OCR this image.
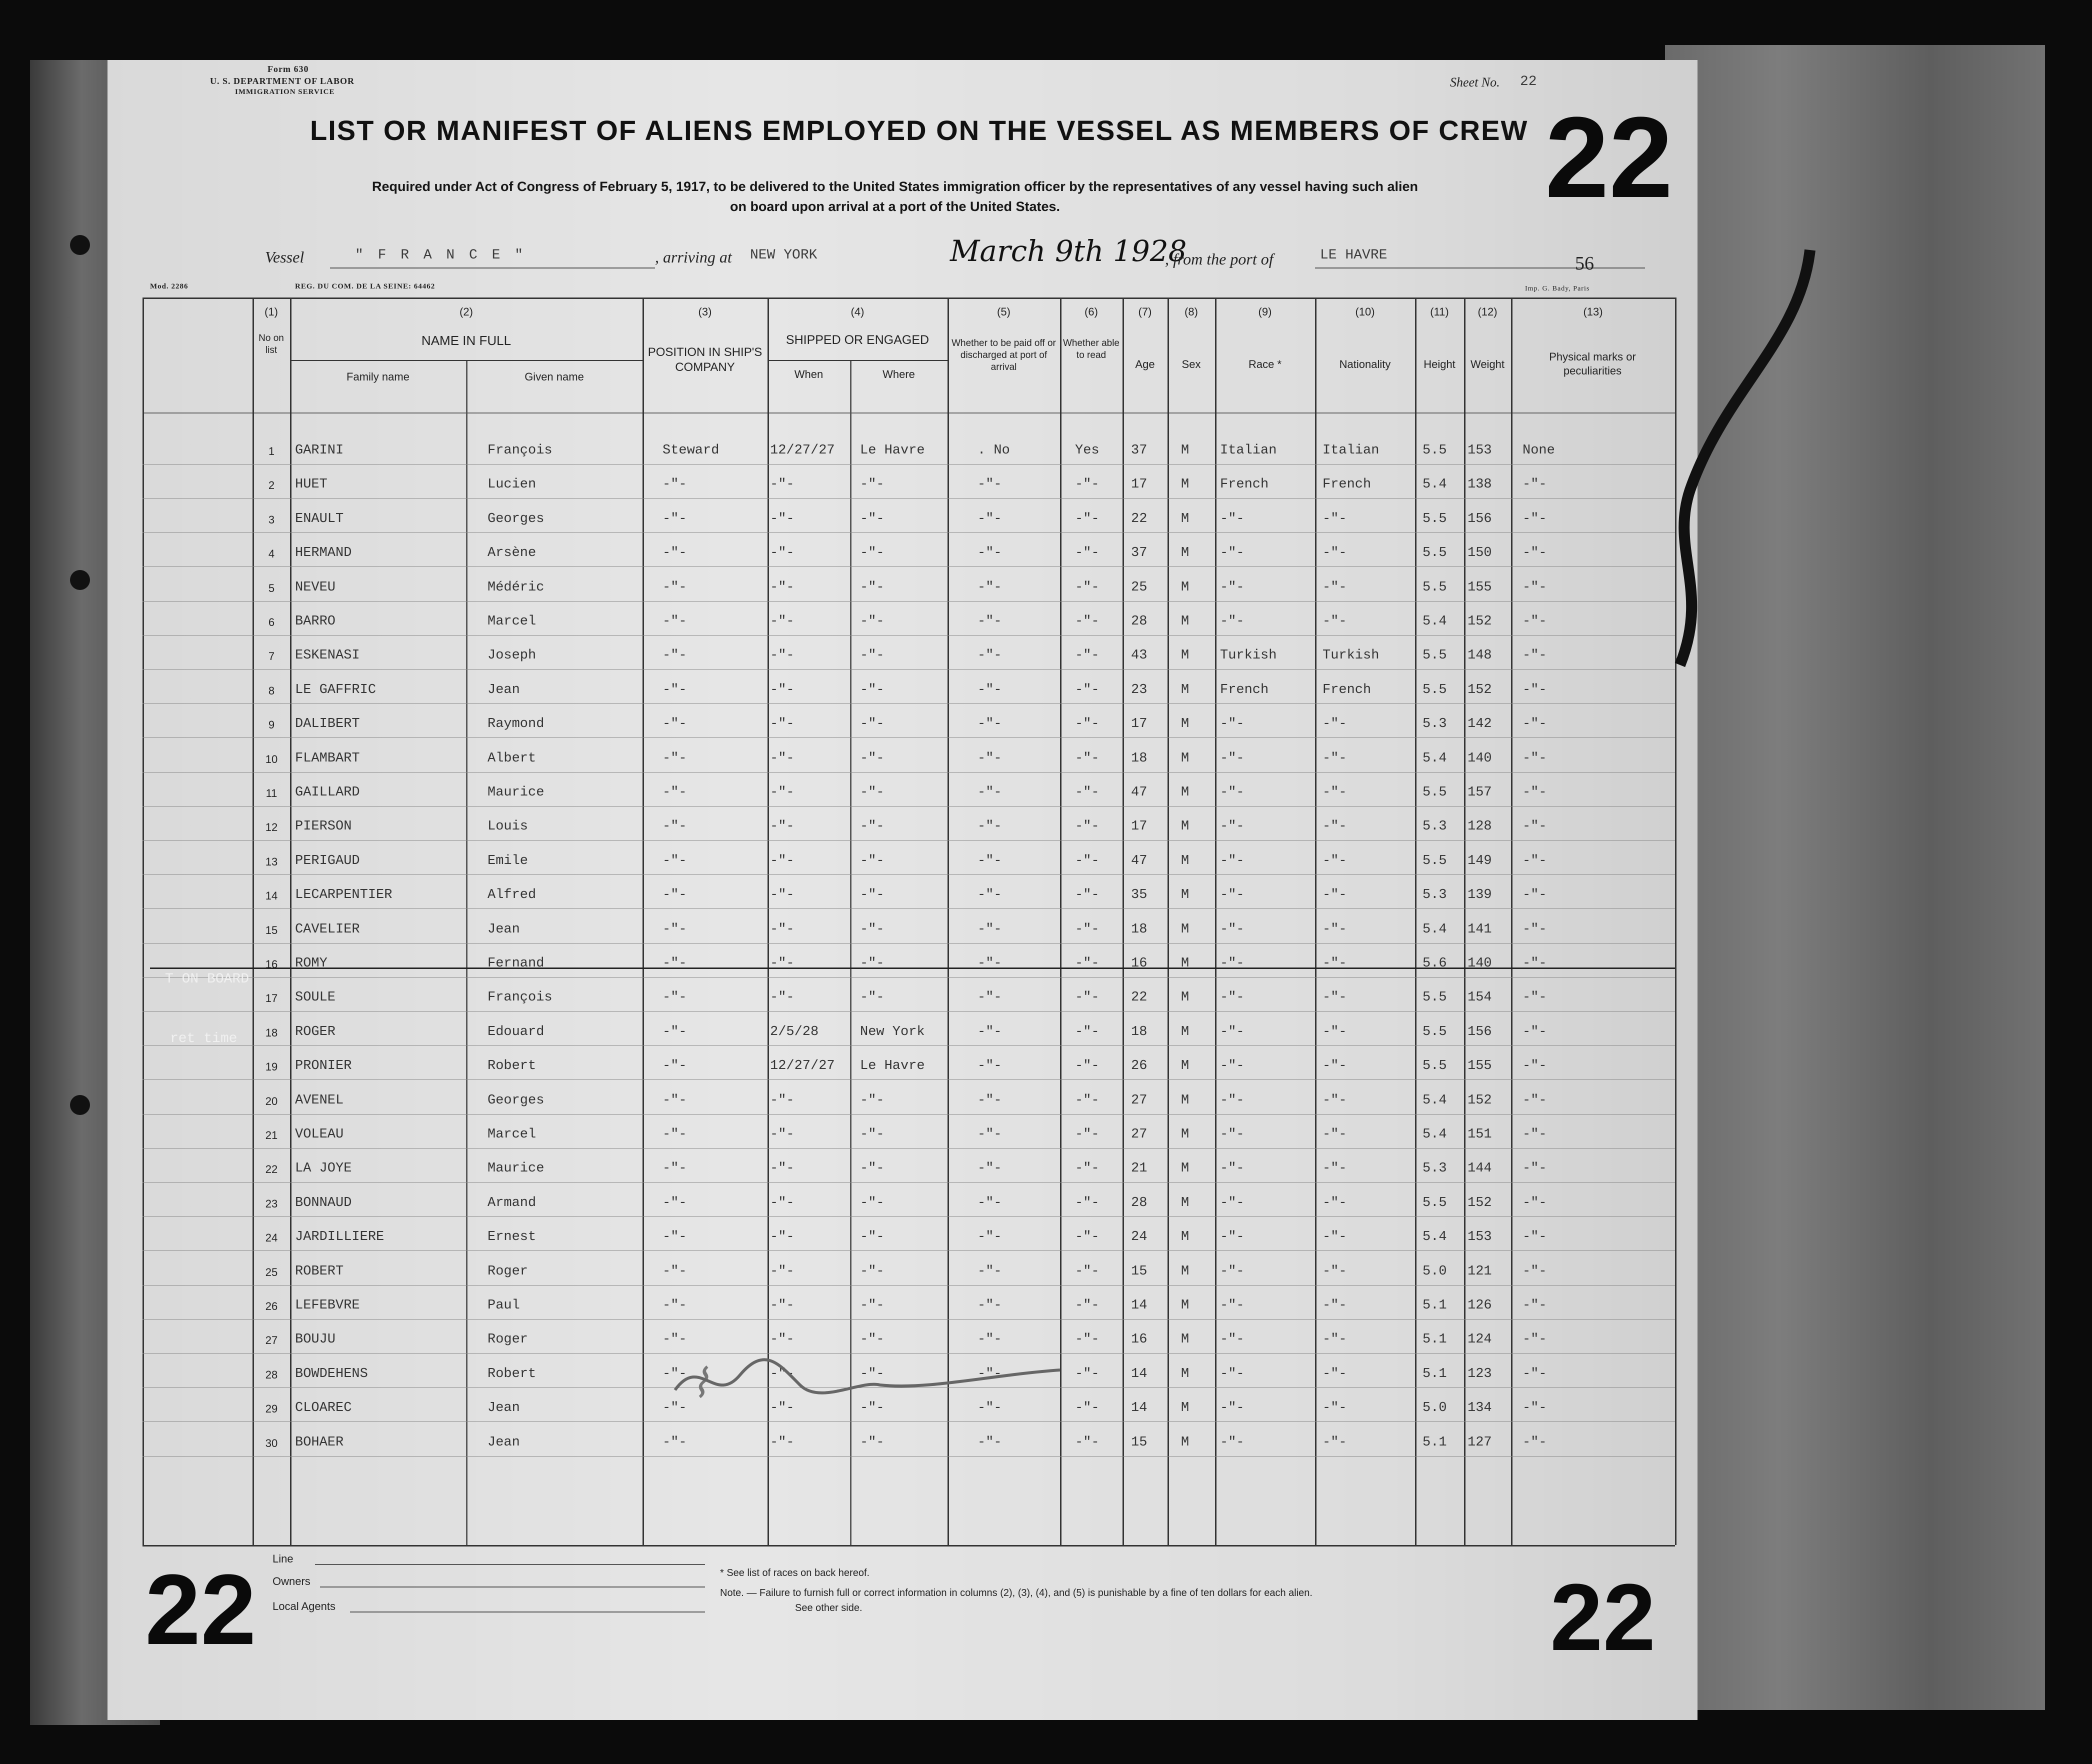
Form 630
U. S. DEPARTMENT OF LABOR
IMMIGRATION SERVICE
Sheet No. 22
22
LIST OR MANIFEST OF ALIENS EMPLOYED ON THE VESSEL AS MEMBERS OF CREW
Required under Act of Congress of February 5, 1917, to be delivered to the United States immigration officer by the representatives of any vessel having such alien
on board upon arrival at a port of the United States.
Vessel	" F R A N C E "	, arriving at NEW YORK	March 9th 1928
, from the port of	LE HAVRE	56
Mod. 2286	REG. DU COM. DE LA SEINE: 64462	Imp. G. Bady, Paris
(1)
No on list
(2)
NAME IN FULL
Family name	Given name
(3)
POSITION IN SHIP'S COMPANY
(4)
SHIPPED OR ENGAGED
When	Where
(5)
Whether to be paid off or discharged at port of arrival
(6)
Whether able to read
(7)
Age
(8)
Sex
(9)
Race *
(10)
Nationality
(11)
Height
(12)
Weight
(13)
Physical marks or peculiarities
1	GARINI	François	Steward	12/27/27 Le Havre	. No	Yes 37	M Italian	Italian	5.5 153 None
2	HUET	Lucien	-"-	-"-	-"-	-"-	-"- 17	M French	French	5.4 138 -"-
3	ENAULT	Georges	-"-	-"-	-"-	-"-	-"- 22	M -"-	-"-	5.5 156 -"-
4	HERMAND	Arsène	-"-	-"-	-"-	-"-	-"- 37	M -"-	-"-	5.5 150 -"-
5	NEVEU	Médéric	-"-	-"-	-"-	-"-	-"- 25	M -"-	-"-	5.5 155 -"-
6	BARRO	Marcel	-"-	-"-	-"-	-"-	-"- 28	M -"-	-"-	5.4 152 -"-
7	ESKENASI	Joseph	-"-	-"-	-"-	-"-	-"- 43	M Turkish	Turkish	5.5 148 -"-
8	LE GAFFRIC	Jean	-"-	-"-	-"-	-"-	-"- 23	M French	French	5.5 152 -"-
9	DALIBERT	Raymond	-"-	-"-	-"-	-"-	-"- 17	M -"-	-"-	5.3 142 -"-
10	FLAMBART	Albert	-"-	-"-	-"-	-"-	-"- 18	M -"-	-"-	5.4 140 -"-
11	GAILLARD	Maurice	-"-	-"-	-"-	-"-	-"- 47	M -"-	-"-	5.5 157 -"-
12	PIERSON	Louis	-"-	-"-	-"-	-"-	-"- 17	M -"-	-"-	5.3 128 -"-
13	PERIGAUD	Emile	-"-	-"-	-"-	-"-	-"- 47	M -"-	-"-	5.5 149 -"-
14	LECARPENTIER	Alfred	-"-	-"-	-"-	-"-	-"- 35	M -"-	-"-	5.3 139 -"-
15	CAVELIER	Jean	-"-	-"-	-"-	-"-	-"- 18	M -"-	-"-	5.4 141 -"-
16	ROMY	Fernand	-"-	-"-	-"-	-"-	-"- 16	M -"-	-"-	5.6 140 -"-
17	SOULE	François	-"-	-"-	-"-	-"-	-"- 22	M -"-	-"-	5.5 154 -"-
18	ROGER	Edouard	-"-	2/5/28	New York	-"-	-"- 18	M -"-	-"-	5.5 156 -"-
19	PRONIER	Robert	-"-	12/27/27 Le Havre	-"-	-"- 26	M -"-	-"-	5.5 155 -"-
20	AVENEL	Georges	-"-	-"-	-"-	-"-	-"- 27	M -"-	-"-	5.4 152 -"-
21	VOLEAU	Marcel	-"-	-"-	-"-	-"-	-"- 27	M -"-	-"-	5.4 151 -"-
22	LA JOYE	Maurice	-"-	-"-	-"-	-"-	-"- 21	M -"-	-"-	5.3 144 -"-
23	BONNAUD	Armand	-"-	-"-	-"-	-"-	-"- 28	M -"-	-"-	5.5 152 -"-
24	JARDILLIERE	Ernest	-"-	-"-	-"-	-"-	-"- 24	M -"-	-"-	5.4 153 -"-
25	ROBERT	Roger	-"-	-"-	-"-	-"-	-"- 15	M -"-	-"-	5.0 121 -"-
26	LEFEBVRE	Paul	-"-	-"-	-"-	-"-	-"- 14	M -"-	-"-	5.1 126 -"-
27	BOUJU	Roger	-"-	-"-	-"-	-"-	-"- 16	M -"-	-"-	5.1 124 -"-
28	BOWDEHENS	Robert	-"-	-"-	-"-	-"-	-"- 14	M -"-	-"-	5.1 123 -"-
29	CLOAREC	Jean	-"-	-"-	-"-	-"-	-"- 14	M -"-	-"-	5.0 134 -"-
30	BOHAER	Jean	-"-	-"-	-"-	-"-	-"- 15	M -"-	-"-	5.1 127 -"-
⌇
T ON BOARD
ret time
Line
Owners
Local Agents
* See list of races on back hereof.
Note. — Failure to furnish full or correct information in columns (2), (3), (4), and (5) is punishable by a fine of ten dollars for each alien.
See other side.
22	22
